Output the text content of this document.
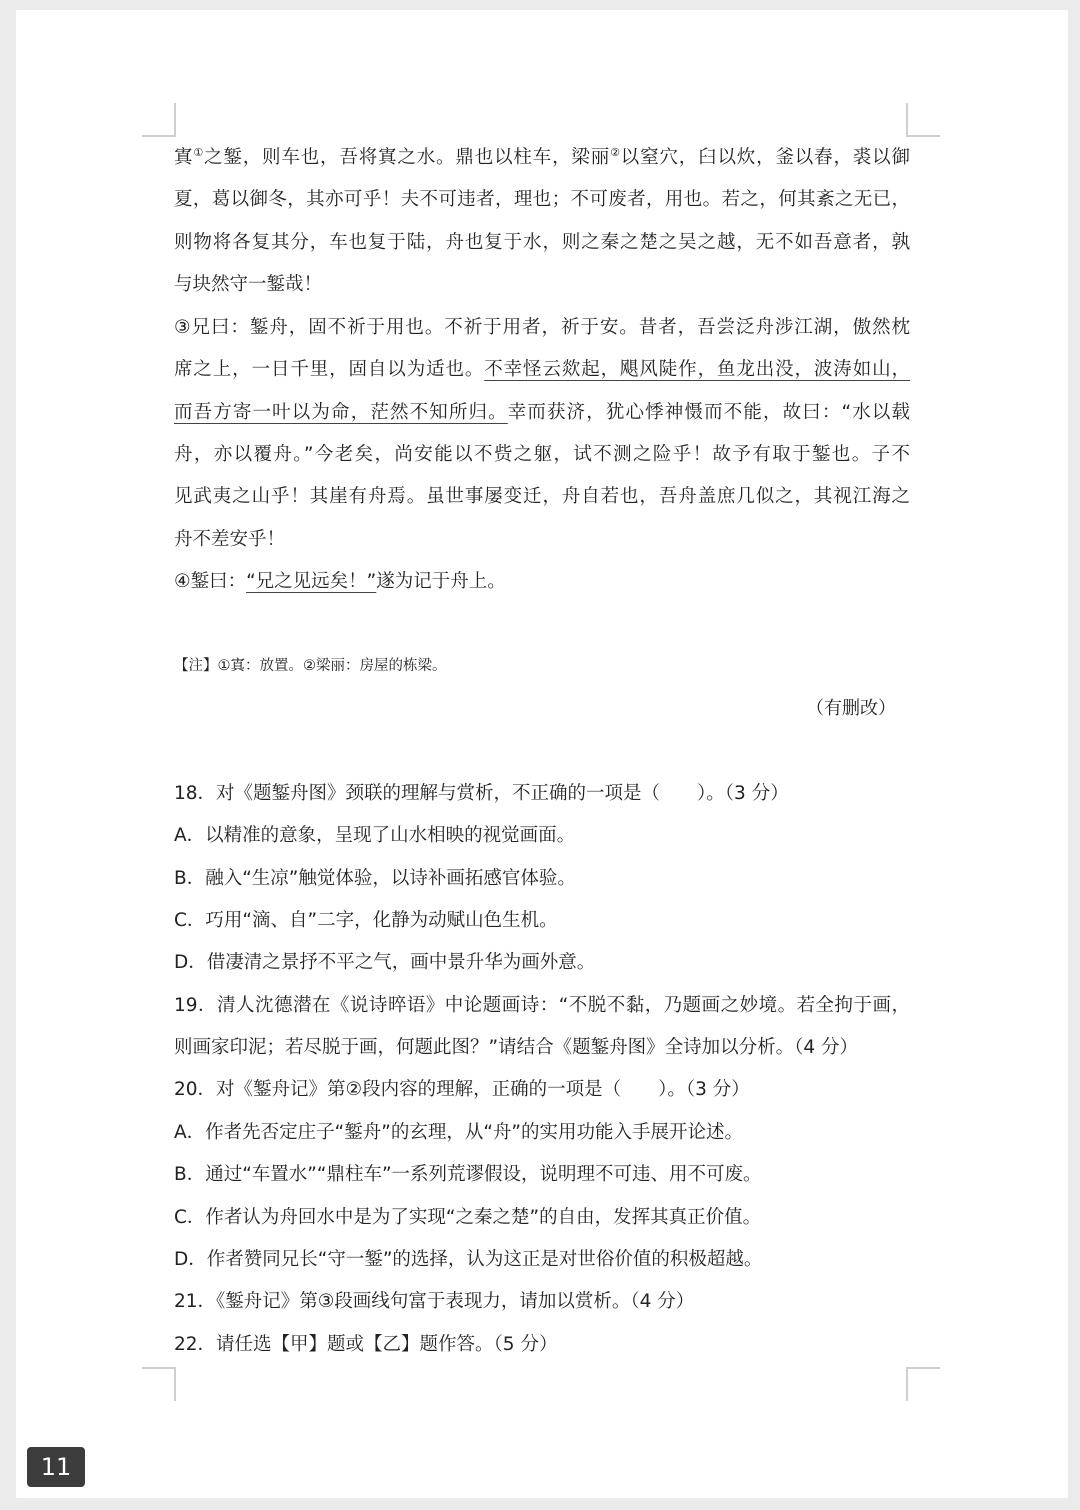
寘①之錾，则车也，吾将寘之水。鼎也以柱车，梁丽②以窒穴，臼以炊，釜以舂，裘以御
夏，葛以御冬，其亦可乎！夫不可违者，理也；不可废者，用也。若之，何其紊之无已，
则物将各复其分，车也复于陆，舟也复于水，则之秦之楚之吴之越，无不如吾意者，孰
与块然守一錾哉！
③兄曰：錾舟，固不祈于用也。不祈于用者，祈于安。昔者，吾尝泛舟涉江湖，傲然枕
席之上，一日千里，固自以为适也。不幸怪云欻起，飓风陡作，鱼龙出没，波涛如山，
而吾方寄一叶以为命，茫然不知所归。幸而获济，犹心悸神慑而不能，故曰：“水以载
舟，亦以覆舟。”今老矣，尚安能以不赀之躯，试不测之险乎！故予有取于錾也。子不
见武夷之山乎！其崖有舟焉。虽世事屡变迁，舟自若也，吾舟盖庶几似之，其视江海之
舟不差安乎！
④錾曰：“兄之见远矣！”遂为记于舟上。
【注】①寘：放置。②梁丽：房屋的栋梁。
（有删改）
18．对《题錾舟图》颈联的理解与赏析，不正确的一项是（　　）。（3 分）
A．以精准的意象，呈现了山水相映的视觉画面。
B．融入“生凉”触觉体验，以诗补画拓感官体验。
C．巧用“滴、自”二字，化静为动赋山色生机。
D．借凄清之景抒不平之气，画中景升华为画外意。
19．清人沈德潜在《说诗晬语》中论题画诗：“不脱不黏，乃题画之妙境。若全拘于画，
则画家印泥；若尽脱于画，何题此图？”请结合《题錾舟图》全诗加以分析。（4 分）
20．对《錾舟记》第②段内容的理解，正确的一项是（　　）。（3 分）
A．作者先否定庄子“錾舟”的玄理，从“舟”的实用功能入手展开论述。
B．通过“车置水”“鼎柱车”一系列荒谬假设，说明理不可违、用不可废。
C．作者认为舟回水中是为了实现“之秦之楚”的自由，发挥其真正价值。
D．作者赞同兄长“守一錾”的选择，认为这正是对世俗价值的积极超越。
21．《錾舟记》第③段画线句富于表现力，请加以赏析。（4 分）
22．请任选【甲】题或【乙】题作答。（5 分）
11
